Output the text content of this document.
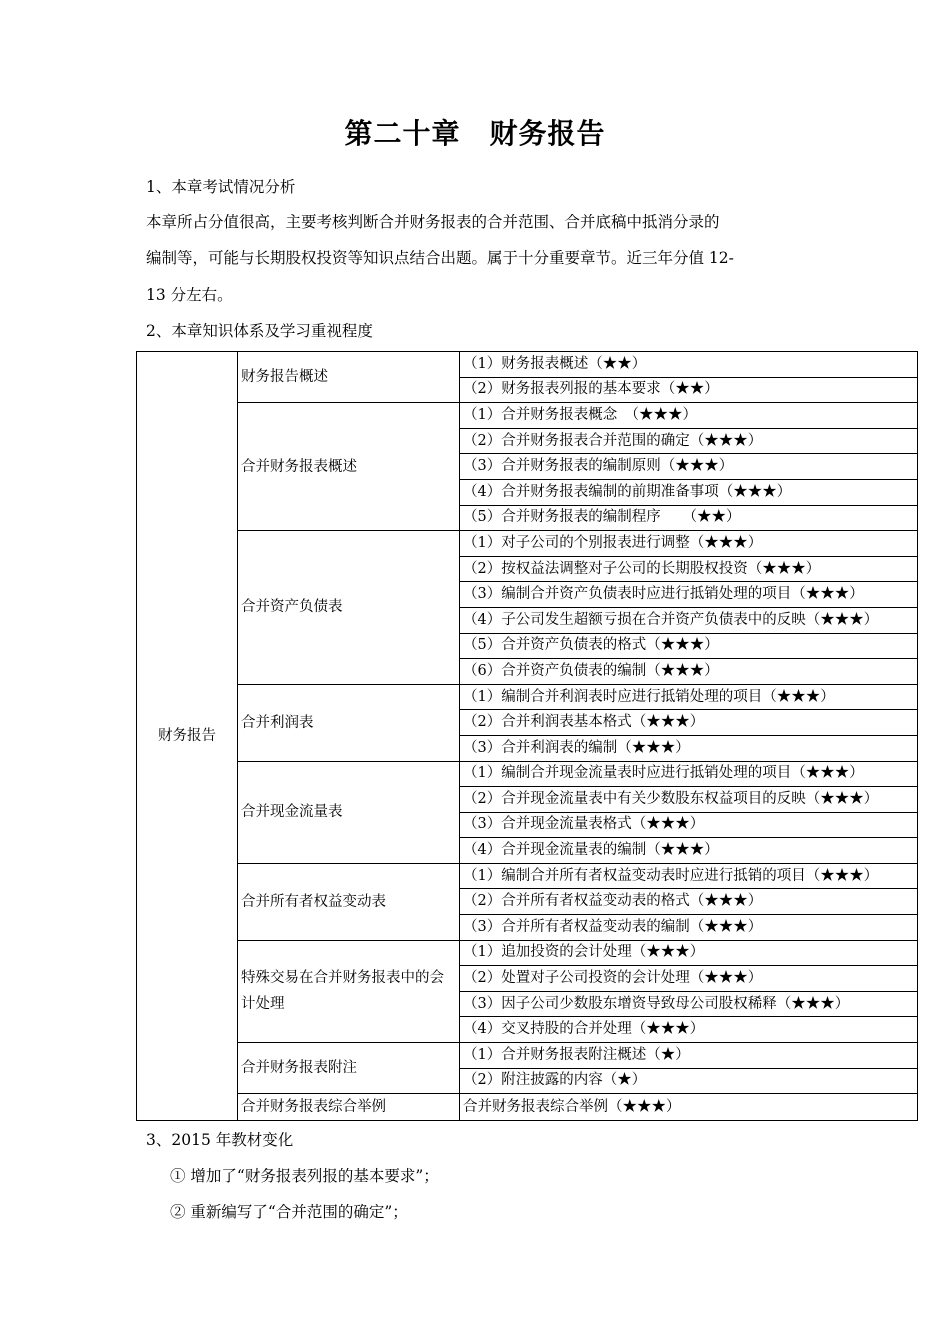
第二十章　财务报告
1、本章考试情况分析
本章所占分值很高，主要考核判断合并财务报表的合并范围、合并底稿中抵消分录的
编制等，可能与长期股权投资等知识点结合出题。属于十分重要章节。近三年分值 12-
13 分左右。
2、本章知识体系及学习重视程度
财务报告	财务报告概述	（1）财务报表概述（★★）
		（2）财务报表列报的基本要求（★★）
	合并财务报表概述	（1）合并财务报表概念　（★★★）
		（2）合并财务报表合并范围的确定（★★★）
		（3）合并财务报表的编制原则（★★★）
		（4）合并财务报表编制的前期准备事项（★★★）
		（5）合并财务报表的编制程序　　（★★）
	合并资产负债表	（1）对子公司的个别报表进行调整（★★★）
		（2）按权益法调整对子公司的长期股权投资（★★★）
		（3）编制合并资产负债表时应进行抵销处理的项目（★★★）
		（4）子公司发生超额亏损在合并资产负债表中的反映（★★★）
		（5）合并资产负债表的格式（★★★）
		（6）合并资产负债表的编制（★★★）
	合并利润表	（1）编制合并利润表时应进行抵销处理的项目（★★★）
		（2）合并利润表基本格式（★★★）
		（3）合并利润表的编制（★★★）
	合并现金流量表	（1）编制合并现金流量表时应进行抵销处理的项目（★★★）
		（2）合并现金流量表中有关少数股东权益项目的反映（★★★）
		（3）合并现金流量表格式（★★★）
		（4）合并现金流量表的编制（★★★）
	合并所有者权益变动表	（1）编制合并所有者权益变动表时应进行抵销的项目（★★★）
		（2）合并所有者权益变动表的格式（★★★）
		（3）合并所有者权益变动表的编制（★★★）
	特殊交易在合并财务报表中的会计处理	（1）追加投资的会计处理（★★★）
		（2）处置对子公司投资的会计处理（★★★）
		（3）因子公司少数股东增资导致母公司股权稀释（★★★）
		（4）交叉持股的合并处理（★★★）
	合并财务报表附注	（1）合并财务报表附注概述（★）
		（2）附注披露的内容（★）
	合并财务报表综合举例	合并财务报表综合举例（★★★）
3、2015 年教材变化
① 增加了“财务报表列报的基本要求”；
② 重新编写了“合并范围的确定”；
